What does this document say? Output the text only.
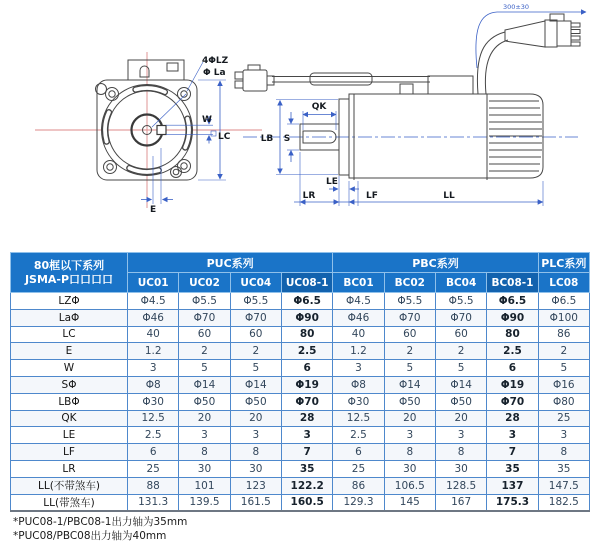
4ΦLZ
Φ La
W
LC
E
300±30
QK
S
LB
LE
LR	LF	LL
80框以下系列
JSMA-P口口口口	PUC系列				PBC系列				PLC系列
	UC01	UC02	UC04	UC08-1	BC01	BC02	BC04	BC08-1	LC08
LZΦ	Φ4.5	Φ5.5	Φ5.5	Φ6.5	Φ4.5	Φ5.5	Φ5.5	Φ6.5	Φ6.5
LaΦ	Φ46	Φ70	Φ70	Φ90	Φ46	Φ70	Φ70	Φ90	Φ100
LC	40	60	60	80	40	60	60	80	86
E	1.2	2	2	2.5	1.2	2	2	2.5	2
W	3	5	5	6	3	5	5	6	5
SΦ	Φ8	Φ14	Φ14	Φ19	Φ8	Φ14	Φ14	Φ19	Φ16
LBΦ	Φ30	Φ50	Φ50	Φ70	Φ30	Φ50	Φ50	Φ70	Φ80
QK	12.5	20	20	28	12.5	20	20	28	25
LE	2.5	3	3	3	2.5	3	3	3	3
LF	6	8	8	7	6	8	8	7	8
LR	25	30	30	35	25	30	30	35	35
LL(不带煞车)	88	101	123	122.2	86	106.5	128.5	137	147.5
LL(带煞车)	131.3	139.5	161.5	160.5	129.3	145	167	175.3	182.5
*PUC08-1/PBC08-1出力轴为35mm
*PUC08/PBC08出力轴为40mm
